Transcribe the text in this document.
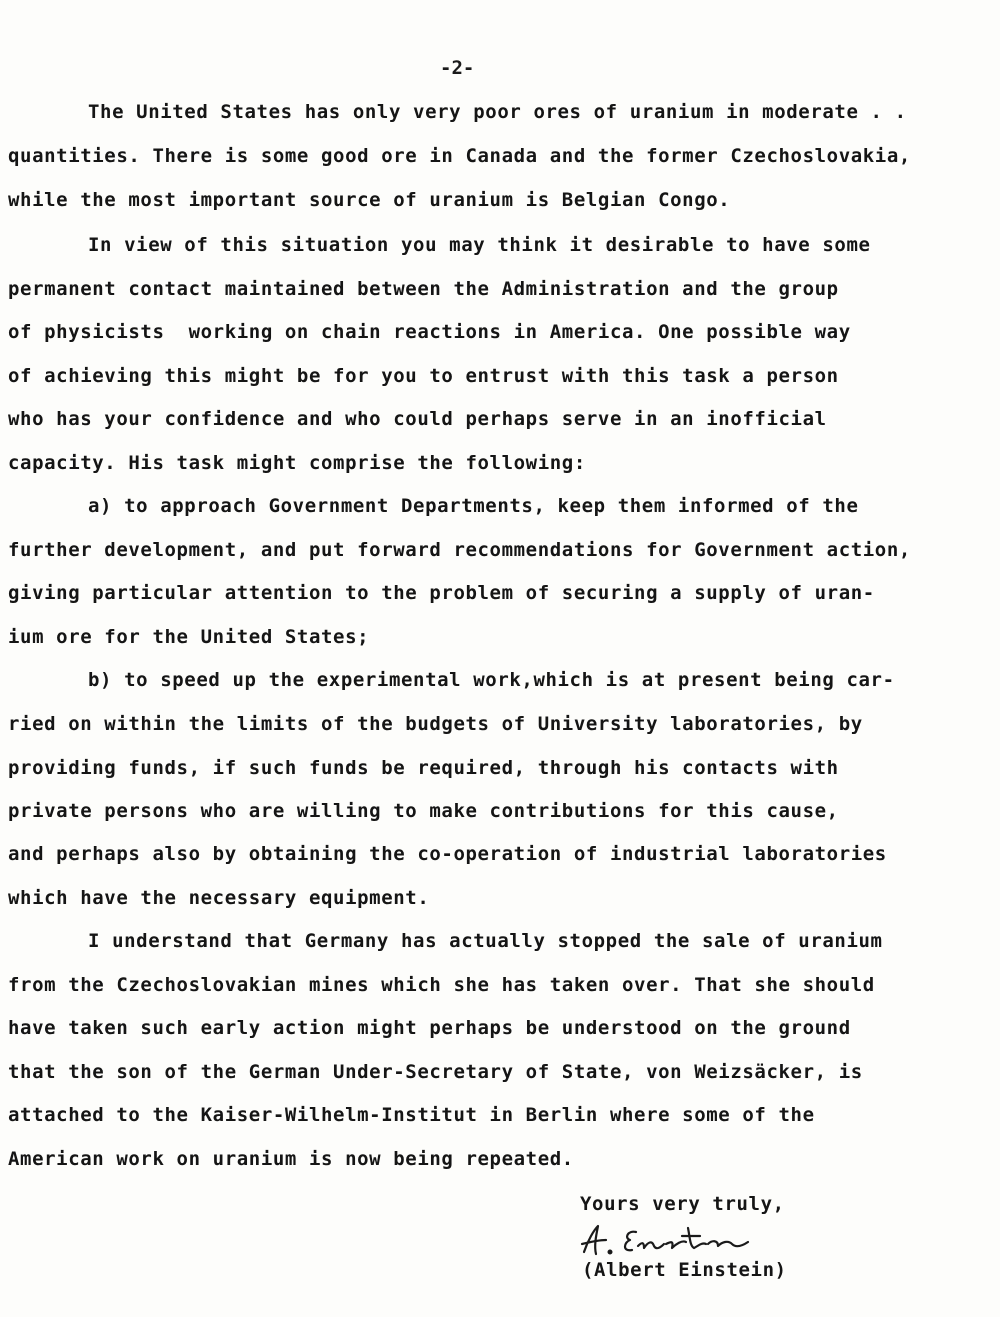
-2-
The United States has only very poor ores of uranium in moderate . .
quantities. There is some good ore in Canada and the former Czechoslovakia,
while the most important source of uranium is Belgian Congo.
In view of this situation you may think it desirable to have some
permanent contact maintained between the Administration and the group
of physicists  working on chain reactions in America. One possible way
of achieving this might be for you to entrust with this task a person
who has your confidence and who could perhaps serve in an inofficial
capacity. His task might comprise the following:
a) to approach Government Departments, keep them informed of the
further development, and put forward recommendations for Government action,
giving particular attention to the problem of securing a supply of uran-
ium ore for the United States;
b) to speed up the experimental work,which is at present being car-
ried on within the limits of the budgets of University laboratories, by
providing funds, if such funds be required, through his contacts with
private persons who are willing to make contributions for this cause,
and perhaps also by obtaining the co-operation of industrial laboratories
which have the necessary equipment.
I understand that Germany has actually stopped the sale of uranium
from the Czechoslovakian mines which she has taken over. That she should
have taken such early action might perhaps be understood on the ground
that the son of the German Under-Secretary of State, von Weizsäcker, is
attached to the Kaiser-Wilhelm-Institut in Berlin where some of the
American work on uranium is now being repeated.
Yours very truly,
(Albert Einstein)
